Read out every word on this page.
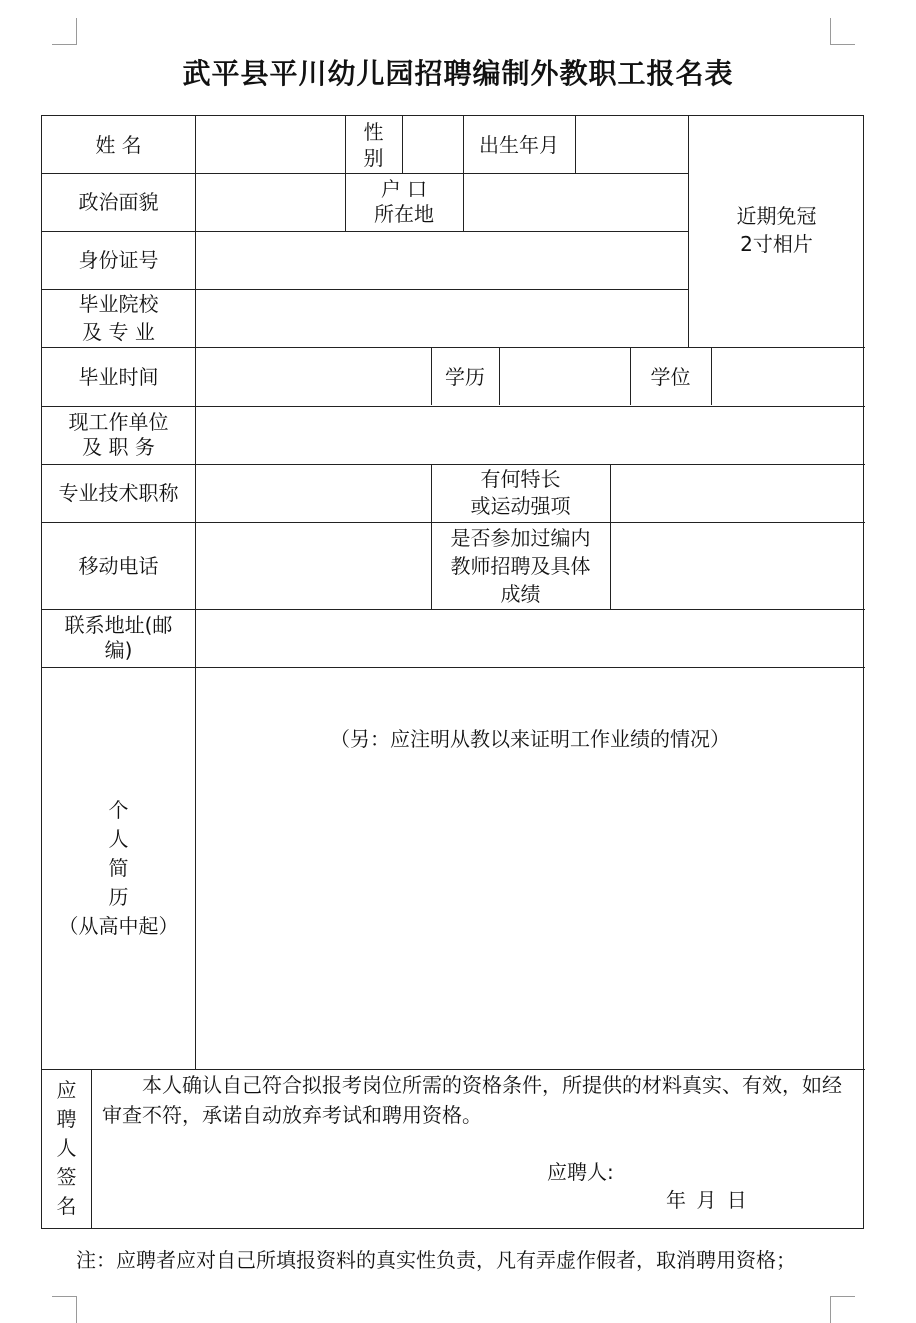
武平县平川幼儿园招聘编制外教职工报名表
姓 名
性
别
出生年月
近期免冠
2寸相片
政治面貌
户 口
所在地
身份证号
毕业院校
及 专 业
毕业时间	学历	学位
现工作单位
及 职 务
专业技术职称
有何特长
或运动强项
移动电话
是否参加过编内
教师招聘及具体
成绩
联系地址(邮
编)
个
人
简
历
（从高中起）
（另：应注明从教以来证明工作业绩的情况）
应
聘
人
签
名
本人确认自己符合拟报考岗位所需的资格条件，所提供的材料真实、有效，如经审查不符，承诺自动放弃考试和聘用资格。
应聘人:
年 月 日
注：应聘者应对自己所填报资料的真实性负责，凡有弄虚作假者，取消聘用资格；
